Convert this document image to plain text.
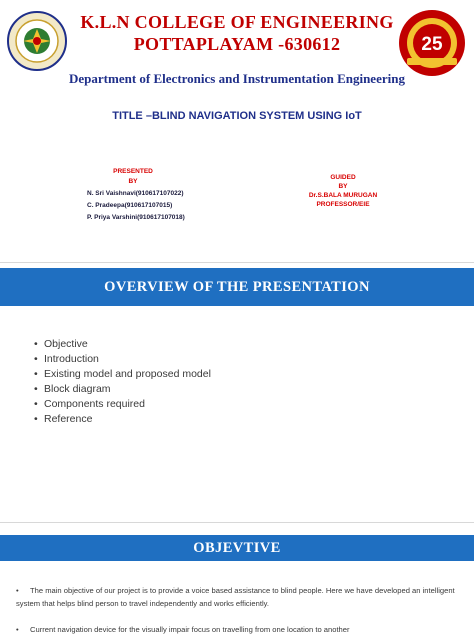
K.L.N COLLEGE OF ENGINEERING
POTTAPLAYAM -630612	25
Department of Electronics and Instrumentation Engineering
TITLE –BLIND NAVIGATION SYSTEM USING IoT
PRESENTED
BY
N. Sri Vaishnavi(910617107022)
C. Pradeepa(910617107015)
P. Priya Varshini(910617107018)
GUIDED
BY
Dr.S.BALA MURUGAN
PROFESSOR/EIE
OVERVIEW OF THE PRESENTATION
• Objective
• Introduction
• Existing model and proposed model
• Block diagram
• Components required
• Reference
OBJEVTIVE
• The main objective of our project is to provide a voice based assistance to blind people. Here we have developed an intelligent system that helps blind person to travel independently and works efficiently.
• Current navigation device for the visually impair focus on travelling from one location to another
